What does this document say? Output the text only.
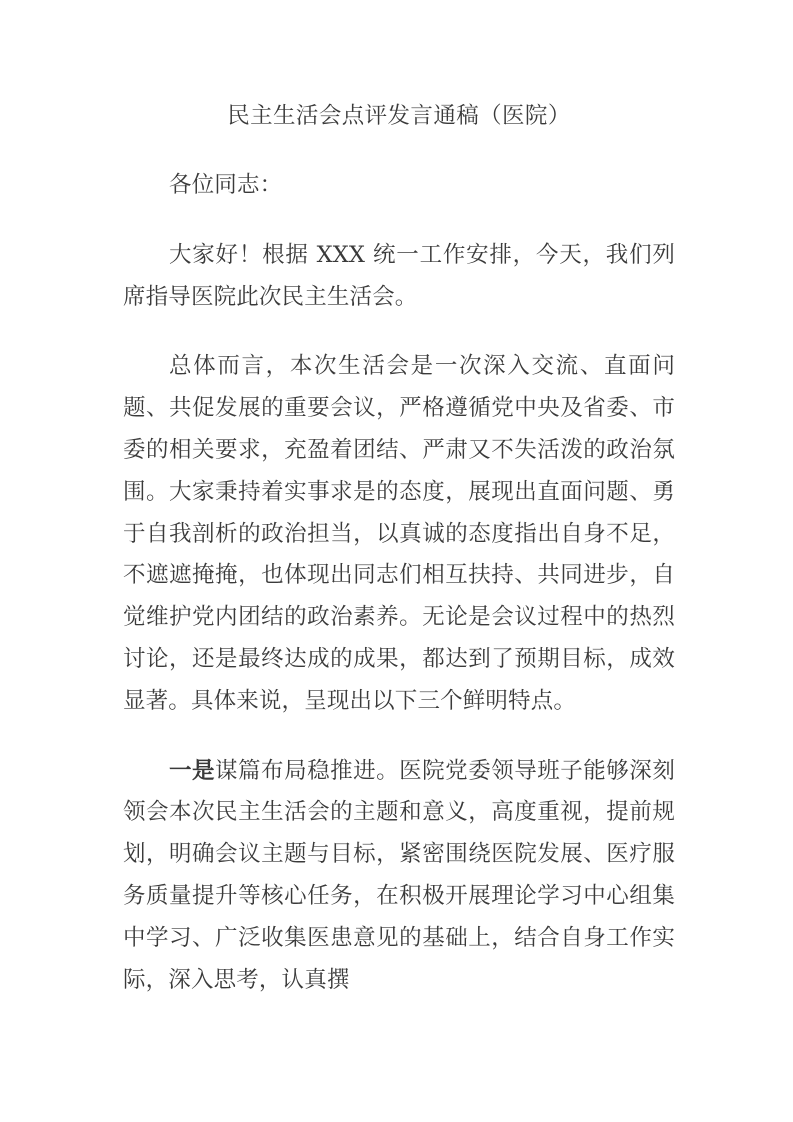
民主生活会点评发言通稿（医院）

各位同志：

大家好！根据 XXX 统一工作安排，今天，我们列席指导医院此次民主生活会。

总体而言，本次生活会是一次深入交流、直面问题、共促发展的重要会议，严格遵循党中央及省委、市委的相关要求，充盈着团结、严肃又不失活泼的政治氛围。大家秉持着实事求是的态度，展现出直面问题、勇于自我剖析的政治担当，以真诚的态度指出自身不足，不遮遮掩掩，也体现出同志们相互扶持、共同进步，自觉维护党内团结的政治素养。无论是会议过程中的热烈讨论，还是最终达成的成果，都达到了预期目标，成效显著。具体来说，呈现出以下三个鲜明特点。

一是谋篇布局稳推进。医院党委领导班子能够深刻领会本次民主生活会的主题和意义，高度重视，提前规划，明确会议主题与目标，紧密围绕医院发展、医疗服务质量提升等核心任务，在积极开展理论学习中心组集中学习、广泛收集医患意见的基础上，结合自身工作实际，深入思考，认真撰
